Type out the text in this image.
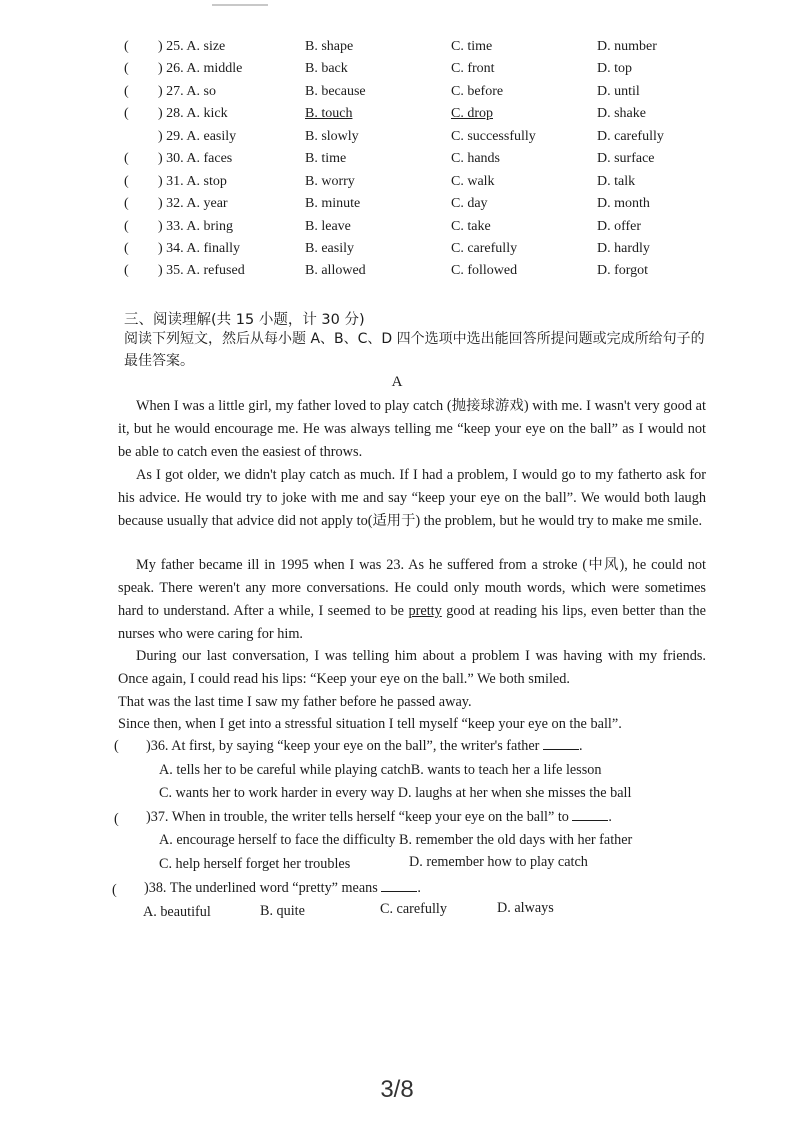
( ) 25. A. size	B. shape	C. time	D. number
( ) 26. A. middle	B. back	C. front	D. top
( ) 27. A. so	B. because	C. before	D. until
( ) 28. A. kick	B. touch	C. drop	D. shake
) 29. A. easily	B. slowly	C. successfully	D. carefully
( ) 30. A. faces	B. time	C. hands	D. surface
( ) 31. A. stop	B. worry	C. walk	D. talk
( ) 32. A. year	B. minute	C. day	D. month
( ) 33. A. bring	B. leave	C. take	D. offer
( ) 34. A. finally	B. easily	C. carefully	D. hardly
( ) 35. A. refused	B. allowed	C. followed	D. forgot
三、阅读理解(共 15 小题，计 30 分)
阅读下列短文，然后从每小题 A、B、C、D 四个选项中选出能回答所提问题或完成所给句子的最佳答案。
A
When I was a little girl, my father loved to play catch (抛接球游戏) with me. I wasn't very good at it, but he would encourage me. He was always telling me “keep your eye on the ball” as I would not be able to catch even the easiest of throws.
As I got older, we didn't play catch as much. If I had a problem, I would go to my fatherto ask for his advice. He would try to joke with me and say “keep your eye on the ball”. We would both laugh because usually that advice did not apply to(适用于) the problem, but he would try to make me smile.
My father became ill in 1995 when I was 23. As he suffered from a stroke (中风), he could not speak. There weren't any more conversations. He could only mouth words, which were sometimes hard to understand. After a while, I seemed to be pretty good at reading his lips, even better than the nurses who were caring for him.
During our last conversation, I was telling him about a problem I was having with my friends. Once again, I could read his lips: “Keep your eye on the ball.” We both smiled.
That was the last time I saw my father before he passed away.
Since then, when I get into a stressful situation I tell myself “keep your eye on the ball”.
( )36. At first, by saying “keep your eye on the ball”, the writer's father	.
A. tells her to be careful while playing catchB. wants to teach her a life lesson
C. wants her to work harder in every way D. laughs at her when she misses the ball
( )37. When in trouble, the writer tells herself “keep your eye on the ball” to	.
A. encourage herself to face the difficulty B. remember the old days with her father
C. help herself forget her troubles	D. remember how to play catch
( )38. The underlined word “pretty” means	.
A. beautiful	B. quite	C. carefully	D. always
3/8
